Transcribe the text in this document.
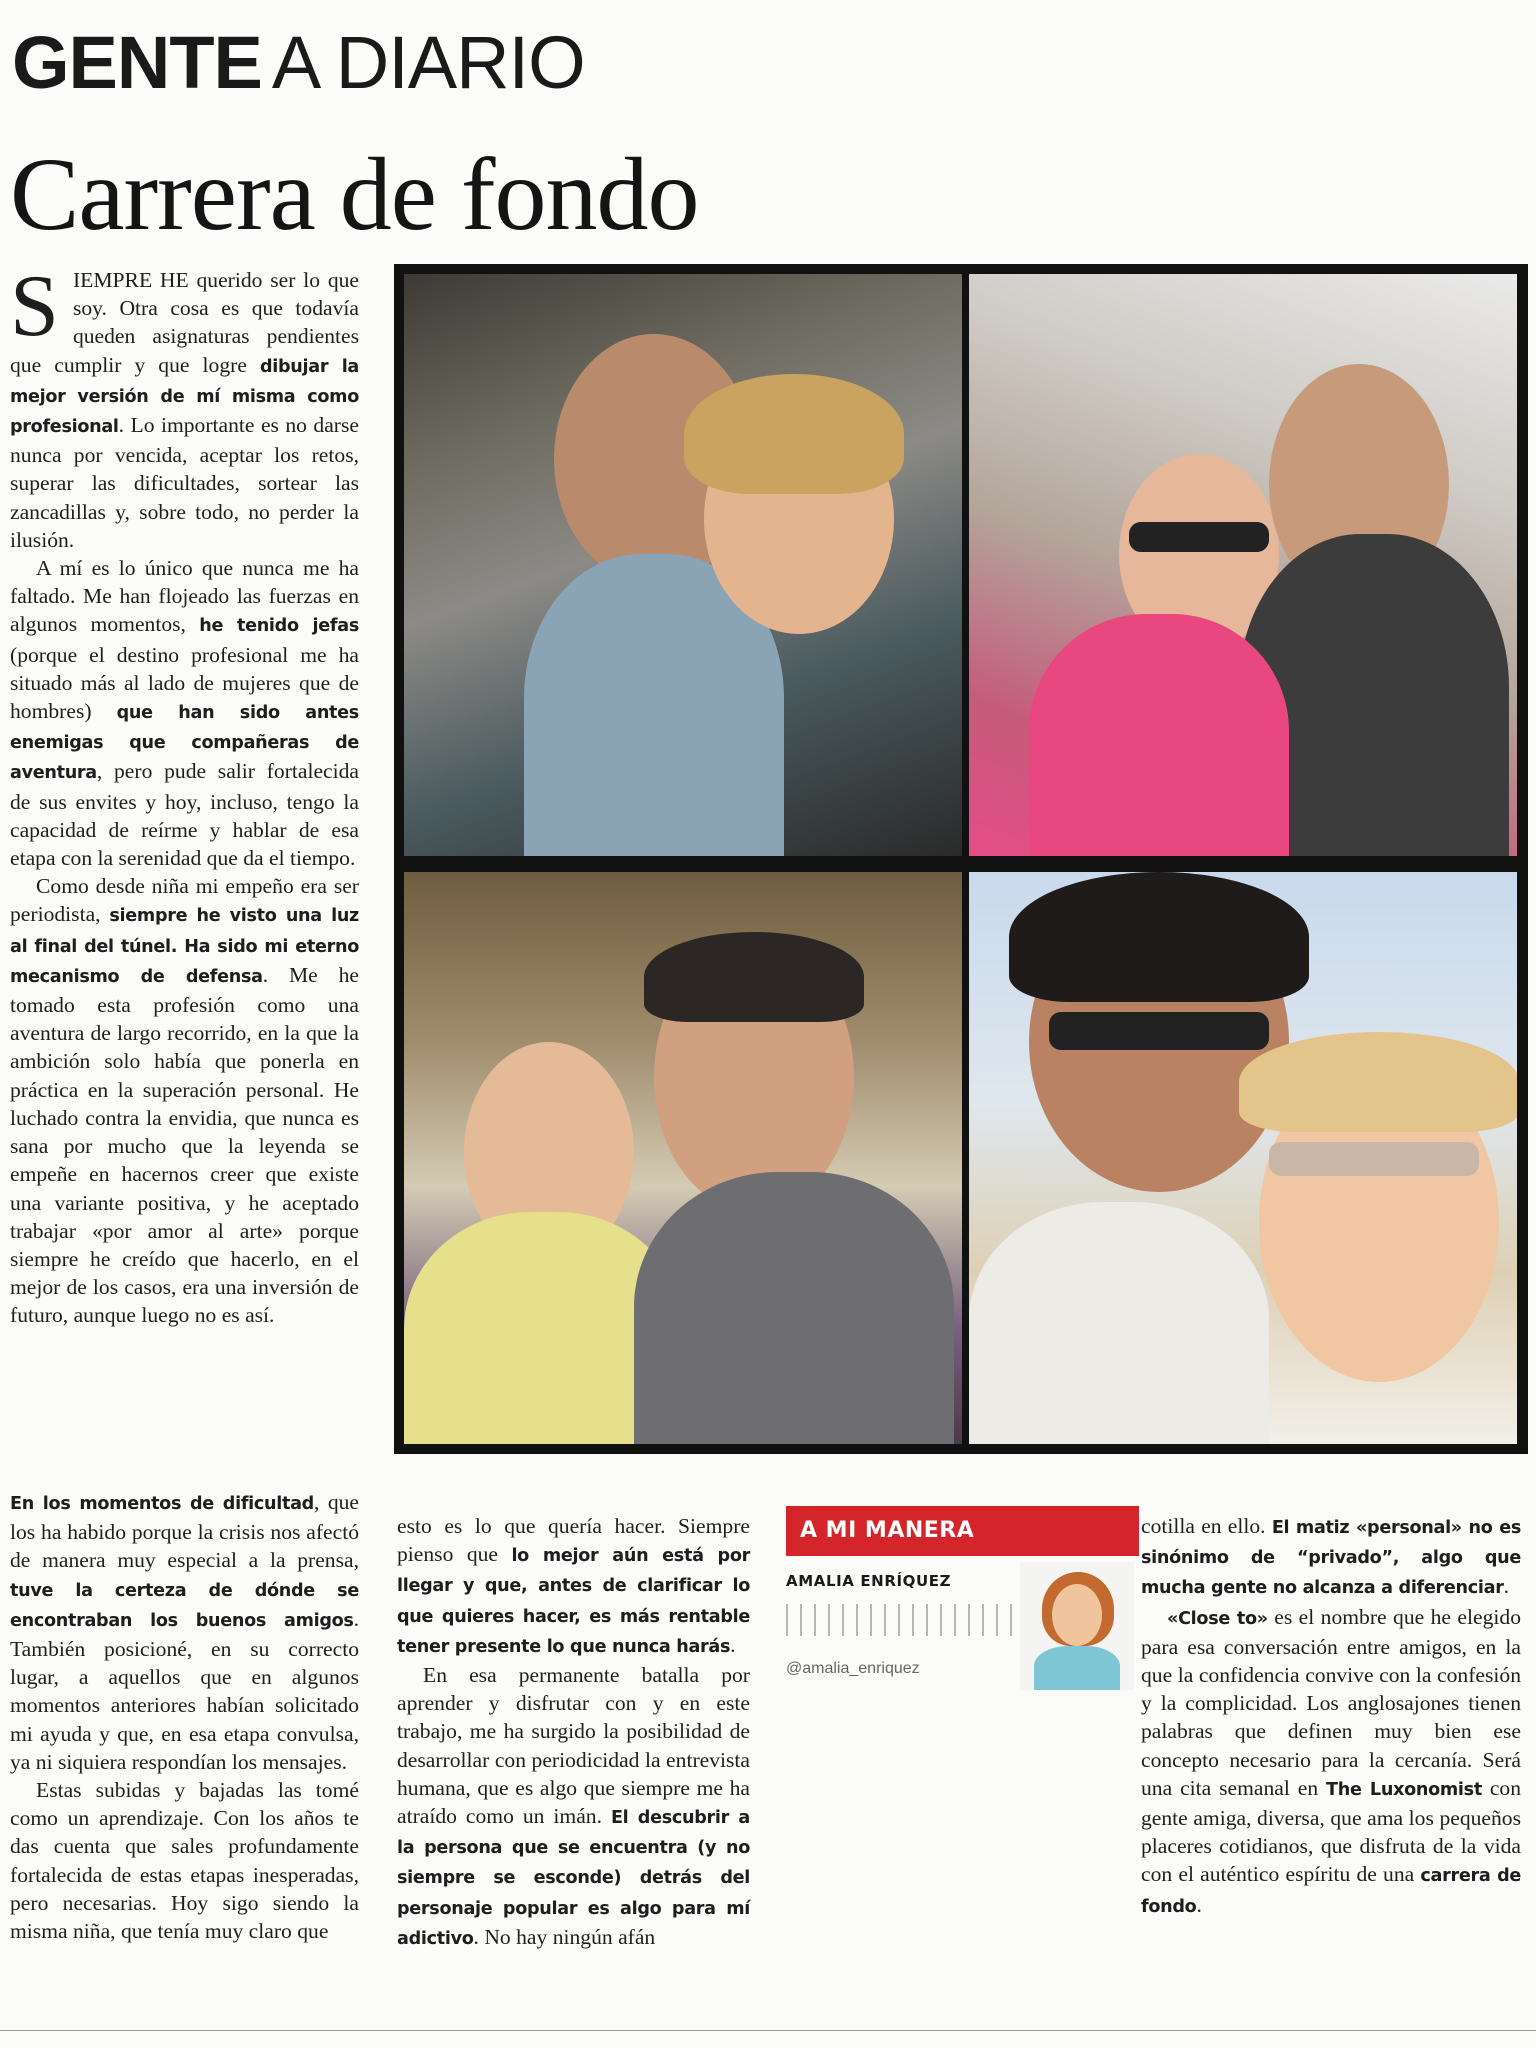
GENTE A DIARIO
Carrera de fondo

SIEMPRE HE querido ser lo que soy. Otra cosa es que todavía queden asignaturas pendientes que cumplir y que logre dibujar la mejor versión de mí misma como profesional. Lo importante es no darse nunca por vencida, aceptar los retos, superar las dificultades, sortear las zancadillas y, sobre todo, no perder la ilusión.

A mí es lo único que nunca me ha faltado. Me han flojeado las fuerzas en algunos momentos, he tenido jefas (porque el destino profesional me ha situado más al lado de mujeres que de hombres) que han sido antes enemigas que compañeras de aventura, pero pude salir fortalecida de sus envites y hoy, incluso, tengo la capacidad de reírme y hablar de esa etapa con la serenidad que da el tiempo.

Como desde niña mi empeño era ser periodista, siempre he visto una luz al final del túnel. Ha sido mi eterno mecanismo de defensa. Me he tomado esta profesión como una aventura de largo recorrido, en la que la ambición solo había que ponerla en práctica en la superación personal. He luchado contra la envidia, que nunca es sana por mucho que la leyenda se empeñe en hacernos creer que existe una variante positiva, y he aceptado trabajar «por amor al arte» porque siempre he creído que hacerlo, en el mejor de los casos, era una inversión de futuro, aunque luego no es así.

En los momentos de dificultad, que los ha habido porque la crisis nos afectó de manera muy especial a la prensa, tuve la certeza de dónde se encontraban los buenos amigos. También posicioné, en su correcto lugar, a aquellos que en algunos momentos anteriores habían solicitado mi ayuda y que, en esa etapa convulsa, ya ni siquiera respondían los mensajes.

Estas subidas y bajadas las tomé como un aprendizaje. Con los años te das cuenta que sales profundamente fortalecida de estas etapas inesperadas, pero necesarias. Hoy sigo siendo la misma niña, que tenía muy claro que

esto es lo que quería hacer. Siempre pienso que lo mejor aún está por llegar y que, antes de clarificar lo que quieres hacer, es más rentable tener presente lo que nunca harás.

En esa permanente batalla por aprender y disfrutar con y en este trabajo, me ha surgido la posibilidad de desarrollar con periodicidad la entrevista humana, que es algo que siempre me ha atraído como un imán. El descubrir a la persona que se encuentra (y no siempre se esconde) detrás del personaje popular es algo para mí adictivo. No hay ningún afán

A MI MANERA
AMALIA ENRÍQUEZ
@amalia_enriquez

cotilla en ello. El matiz «personal» no es sinónimo de “privado”, algo que mucha gente no alcanza a diferenciar.

«Close to» es el nombre que he elegido para esa conversación entre amigos, en la que la confidencia convive con la confesión y la complicidad. Los anglosajones tienen palabras que definen muy bien ese concepto necesario para la cercanía. Será una cita semanal en The Luxonomist con gente amiga, diversa, que ama los pequeños placeres cotidianos, que disfruta de la vida con el auténtico espíritu de una carrera de fondo.
